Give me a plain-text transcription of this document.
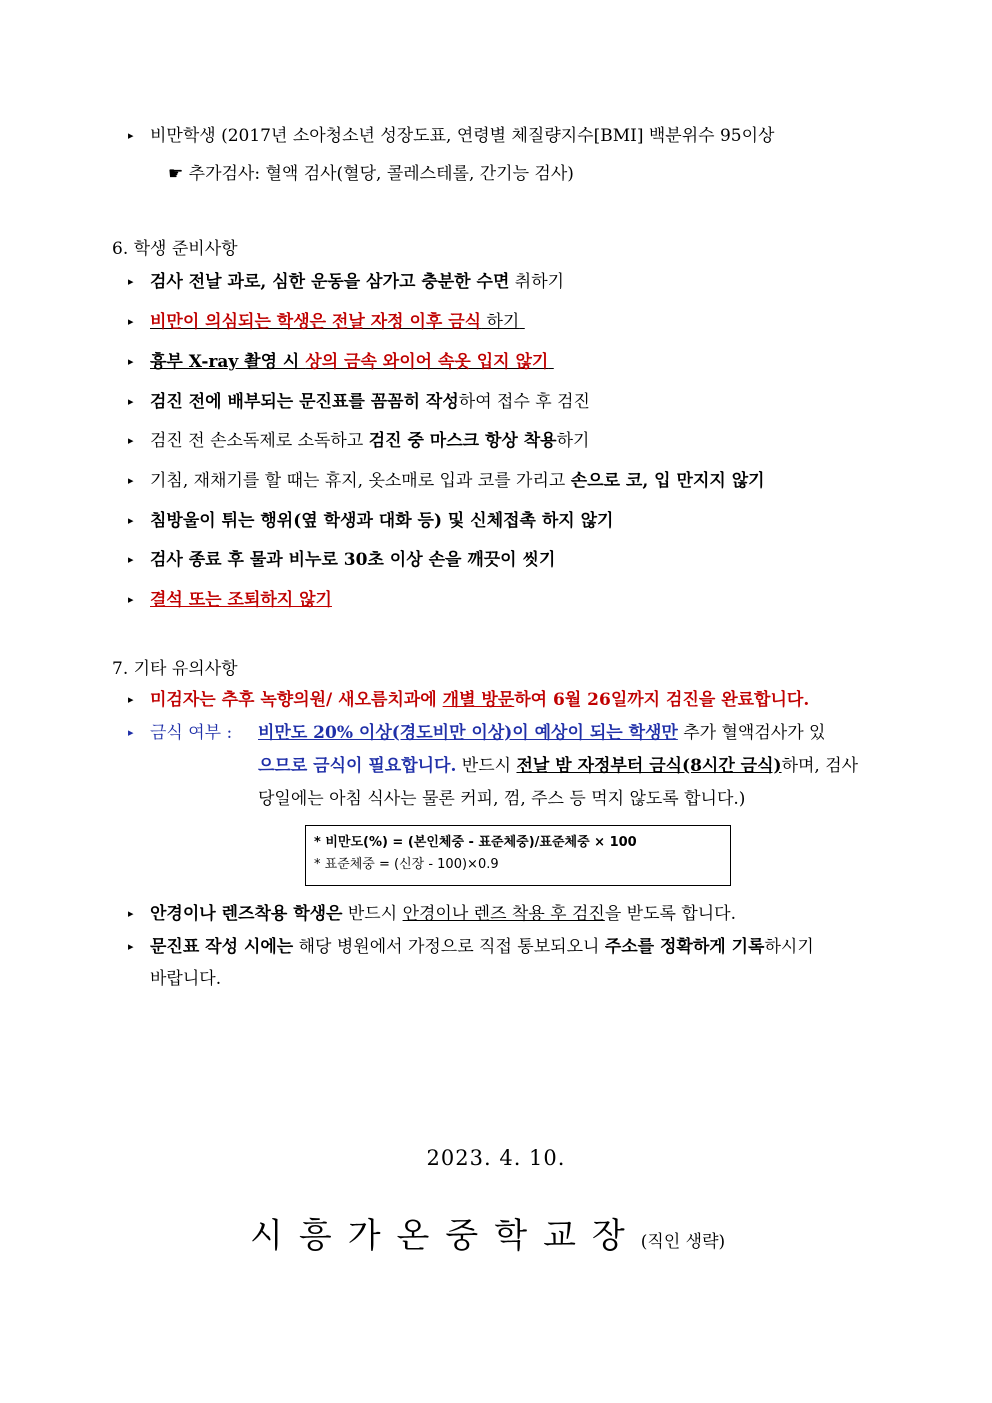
▸ 비만학생 (2017년 소아청소년 성장도표, 연령별 체질량지수[BMI] 백분위수 95이상
☛ 추가검사: 혈액 검사(혈당, 콜레스테롤, 간기능 검사)
6. 학생 준비사항
▸ 검사 전날 과로, 심한 운동을 삼가고 충분한 수면 취하기
▸ 비만이 의심되는 학생은 전날 자정 이후 금식 하기
▸ 흉부 X-ray 촬영 시 상의 금속 와이어 속옷 입지 않기
▸ 검진 전에 배부되는 문진표를 꼼꼼히 작성하여 접수 후 검진
▸ 검진 전 손소독제로 소독하고 검진 중 마스크 항상 착용하기
▸ 기침, 재채기를 할 때는 휴지, 옷소매로 입과 코를 가리고 손으로 코, 입 만지지 않기
▸ 침방울이 튀는 행위(옆 학생과 대화 등) 및 신체접촉 하지 않기
▸ 검사 종료 후 물과 비누로 30초 이상 손을 깨끗이 씻기
▸ 결석 또는 조퇴하지 않기
7. 기타 유의사항
▸ 미검자는 추후 녹향의원/ 새오름치과에 개별 방문하여 6월 26일까지 검진을 완료합니다.
▸ 금식 여부 : 비만도 20% 이상(경도비만 이상)이 예상이 되는 학생만 추가 혈액검사가 있
으므로 금식이 필요합니다. 반드시 전날 밤 자정부터 금식(8시간 금식)하며, 검사
당일에는 아침 식사는 물론 커피, 껌, 주스 등 먹지 않도록 합니다.)
* 비만도(%) = (본인체중 - 표준체중)/표준체중 × 100
* 표준체중 = (신장 - 100)×0.9
▸ 안경이나 렌즈착용 학생은 반드시 안경이나 렌즈 착용 후 검진을 받도록 합니다.
▸ 문진표 작성 시에는 해당 병원에서 가정으로 직접 통보되오니 주소를 정확하게 기록하시기
바랍니다.
2023. 4. 10.
시흥가온중학교장(직인 생략)
